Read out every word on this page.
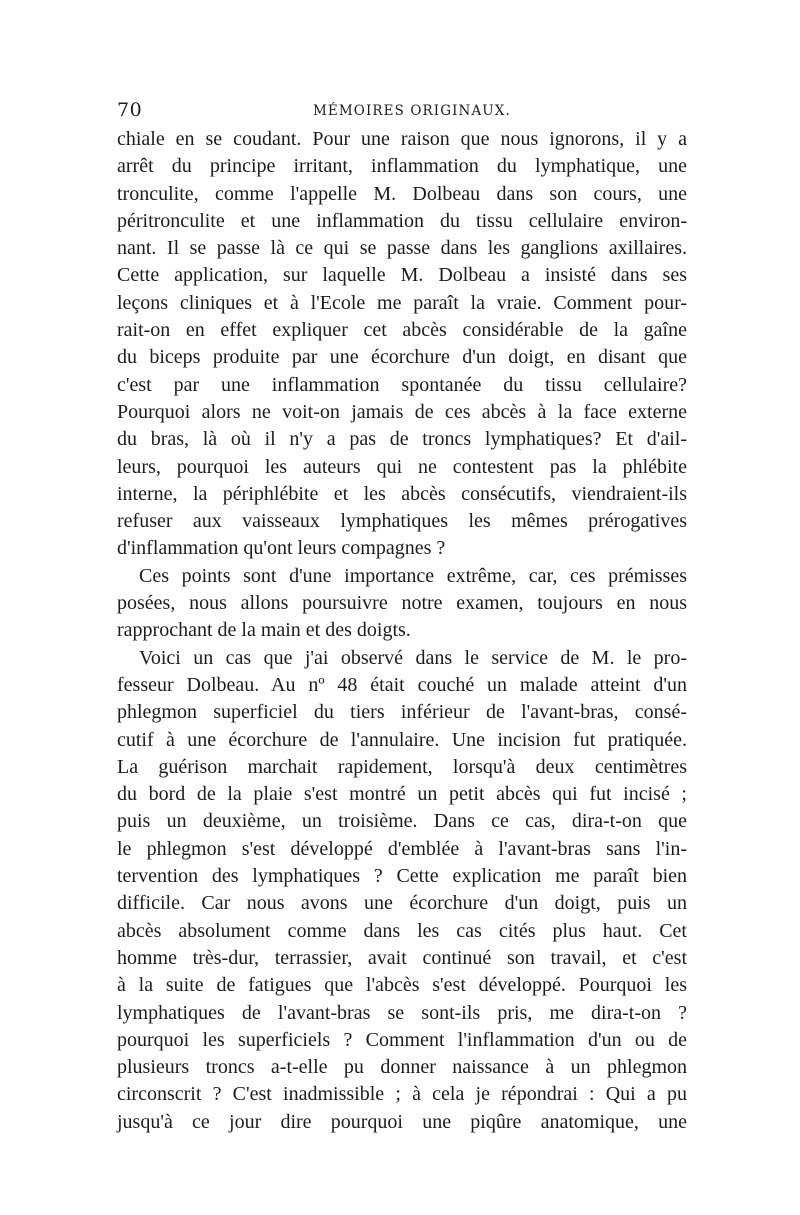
70	MÉMOIRES ORIGINAUX.
chiale en se coudant. Pour une raison que nous ignorons, il y a
arrêt du principe irritant, inflammation du lymphatique, une
tronculite, comme l'appelle M. Dolbeau dans son cours, une
péritronculite et une inflammation du tissu cellulaire environ-
nant. Il se passe là ce qui se passe dans les ganglions axillaires.
Cette application, sur laquelle M. Dolbeau a insisté dans ses
leçons cliniques et à l'Ecole me paraît la vraie. Comment pour-
rait-on en effet expliquer cet abcès considérable de la gaîne
du biceps produite par une écorchure d'un doigt, en disant que
c'est par une inflammation spontanée du tissu cellulaire?
Pourquoi alors ne voit-on jamais de ces abcès à la face externe
du bras, là où il n'y a pas de troncs lymphatiques? Et d'ail-
leurs, pourquoi les auteurs qui ne contestent pas la phlébite
interne, la périphlébite et les abcès consécutifs, viendraient-ils
refuser aux vaisseaux lymphatiques les mêmes prérogatives
d'inflammation qu'ont leurs compagnes ?
Ces points sont d'une importance extrême, car, ces prémisses
posées, nous allons poursuivre notre examen, toujours en nous
rapprochant de la main et des doigts.
Voici un cas que j'ai observé dans le service de M. le pro-
fesseur Dolbeau. Au nº 48 était couché un malade atteint d'un
phlegmon superficiel du tiers inférieur de l'avant-bras, consé-
cutif à une écorchure de l'annulaire. Une incision fut pratiquée.
La guérison marchait rapidement, lorsqu'à deux centimètres
du bord de la plaie s'est montré un petit abcès qui fut incisé ;
puis un deuxième, un troisième. Dans ce cas, dira-t-on que
le phlegmon s'est développé d'emblée à l'avant-bras sans l'in-
tervention des lymphatiques ? Cette explication me paraît bien
difficile. Car nous avons une écorchure d'un doigt, puis un
abcès absolument comme dans les cas cités plus haut. Cet
homme très-dur, terrassier, avait continué son travail, et c'est
à la suite de fatigues que l'abcès s'est développé. Pourquoi les
lymphatiques de l'avant-bras se sont-ils pris, me dira-t-on ?
pourquoi les superficiels ? Comment l'inflammation d'un ou de
plusieurs troncs a-t-elle pu donner naissance à un phlegmon
circonscrit ? C'est inadmissible ; à cela je répondrai : Qui a pu
jusqu'à ce jour dire pourquoi une piqûre anatomique, une
